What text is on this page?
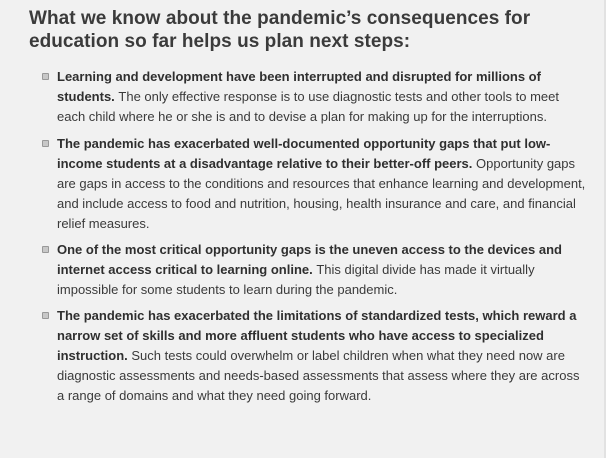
What we know about the pandemic’s consequences for education so far helps us plan next steps:
Learning and development have been interrupted and disrupted for millions of students. The only effective response is to use diagnostic tests and other tools to meet each child where he or she is and to devise a plan for making up for the interruptions.
The pandemic has exacerbated well-documented opportunity gaps that put low-income students at a disadvantage relative to their better-off peers. Opportunity gaps are gaps in access to the conditions and resources that enhance learning and development, and include access to food and nutrition, housing, health insurance and care, and financial relief measures.
One of the most critical opportunity gaps is the uneven access to the devices and internet access critical to learning online. This digital divide has made it virtually impossible for some students to learn during the pandemic.
The pandemic has exacerbated the limitations of standardized tests, which reward a narrow set of skills and more affluent students who have access to specialized instruction. Such tests could overwhelm or label children when what they need now are diagnostic assessments and needs-based assessments that assess where they are across a range of domains and what they need going forward.
